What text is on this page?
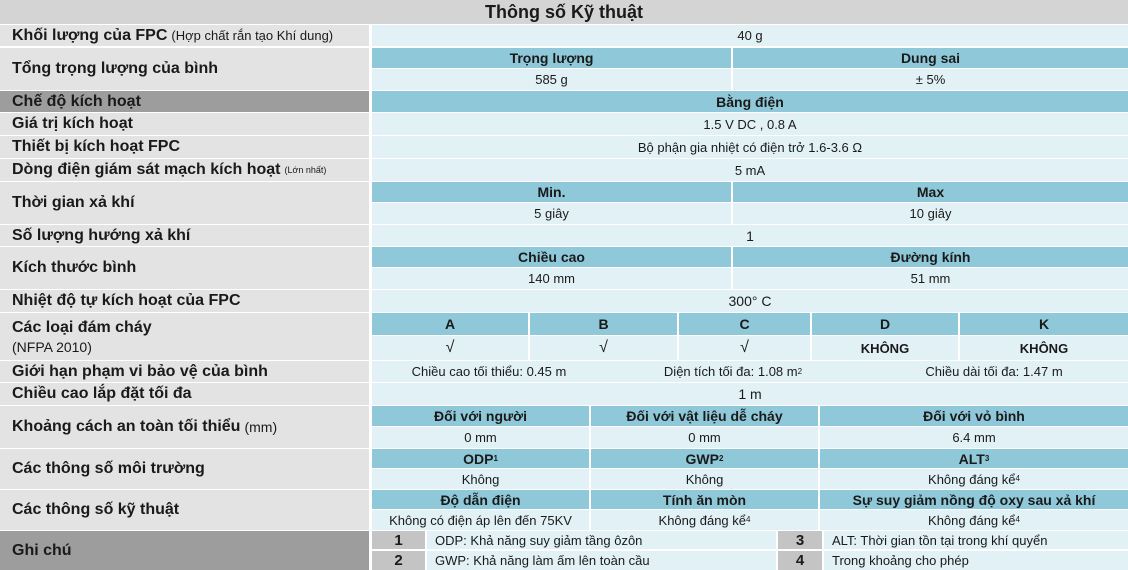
Thông số Kỹ thuật
Khối lượng của FPC (Hợp chất rắn tạo Khí dung)	40 g
Tổng trọng lượng của bình
Trọng lượng	Dung sai
585 g	± 5%
Chế độ kích hoạt	Bằng điện
Giá trị kích hoạt	1.5 V DC , 0.8 A
Thiết bị kích hoạt FPC	Bộ phận gia nhiệt có điện trở 1.6-3.6 Ω
Dòng điện giám sát mạch kích hoạt (Lớn nhất)	5 mA
Thời gian xả khí
Min.	Max
5 giây	10 giây
Số lượng hướng xả khí	1
Kích thước bình
Chiều cao	Đường kính
140 mm	51 mm
Nhiệt độ tự kích hoạt của FPC	300° C
Các loại đám cháy
(NFPA 2010)
A	B	C	D	K
√	√	√	KHÔNG	KHÔNG
Giới hạn phạm vi bảo vệ của bình	Chiều cao tối thiểu: 0.45 m	Diện tích tối đa: 1.08 m 2	Chiều dài tối đa: 1.47 m
Chiều cao lắp đặt tối đa	1 m
Khoảng cách an toàn tối thiểu (mm)
Đối với người	Đối với vật liệu dễ cháy	Đối với vỏ bình
0 mm	0 mm	6.4 mm
Các thông số môi trường
ODP 1	GWP 2	ALT 3
Không	Không	Không đáng kể 4
Các thông số kỹ thuật
Độ dẫn điện	Tính ăn mòn	Sự suy giảm nồng độ oxy sau xả khí
Không có điện áp lên đến 75KV	Không đáng kể 4	Không đáng kể 4
Ghi chú
1	ODP: Khả năng suy giảm tầng ôzôn
2	GWP: Khả năng làm ấm lên toàn cầu
3	ALT: Thời gian tồn tại trong khí quyển
4	Trong khoảng cho phép
